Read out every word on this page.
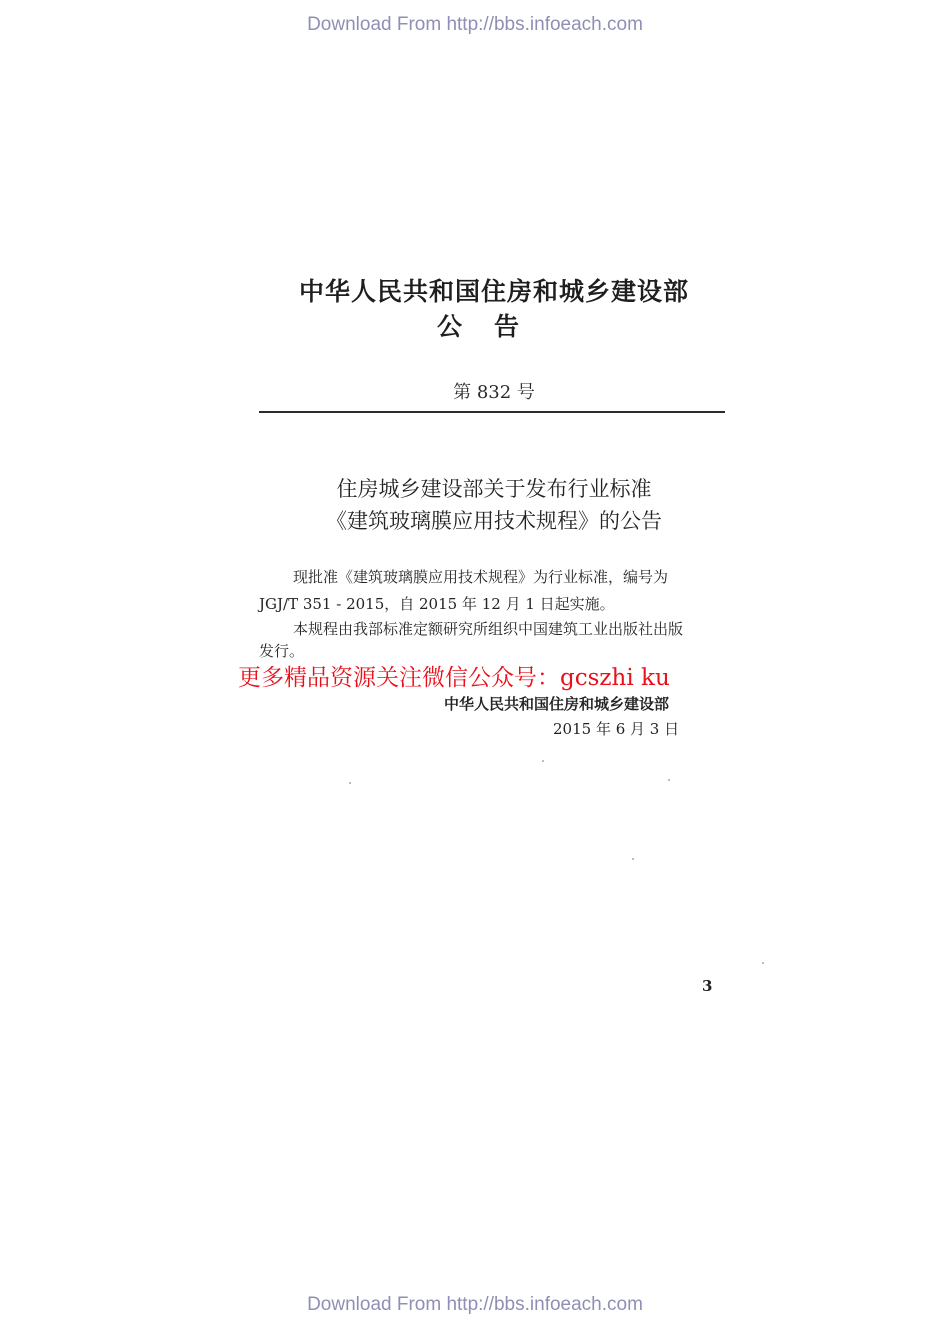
Download From http://bbs.infoeach.com
中华人民共和国住房和城乡建设部
公告
第 832 号
住房城乡建设部关于发布行业标准
《建筑玻璃膜应用技术规程》的公告
现批准《建筑玻璃膜应用技术规程》为行业标准，编号为
JGJ/T 351 - 2015，自 2015 年 12 月 1 日起实施。
本规程由我部标准定额研究所组织中国建筑工业出版社出版
发行。
更多精品资源关注微信公众号：gcszhi ku
中华人民共和国住房和城乡建设部
2015 年 6 月 3 日
3
Download From http://bbs.infoeach.com
